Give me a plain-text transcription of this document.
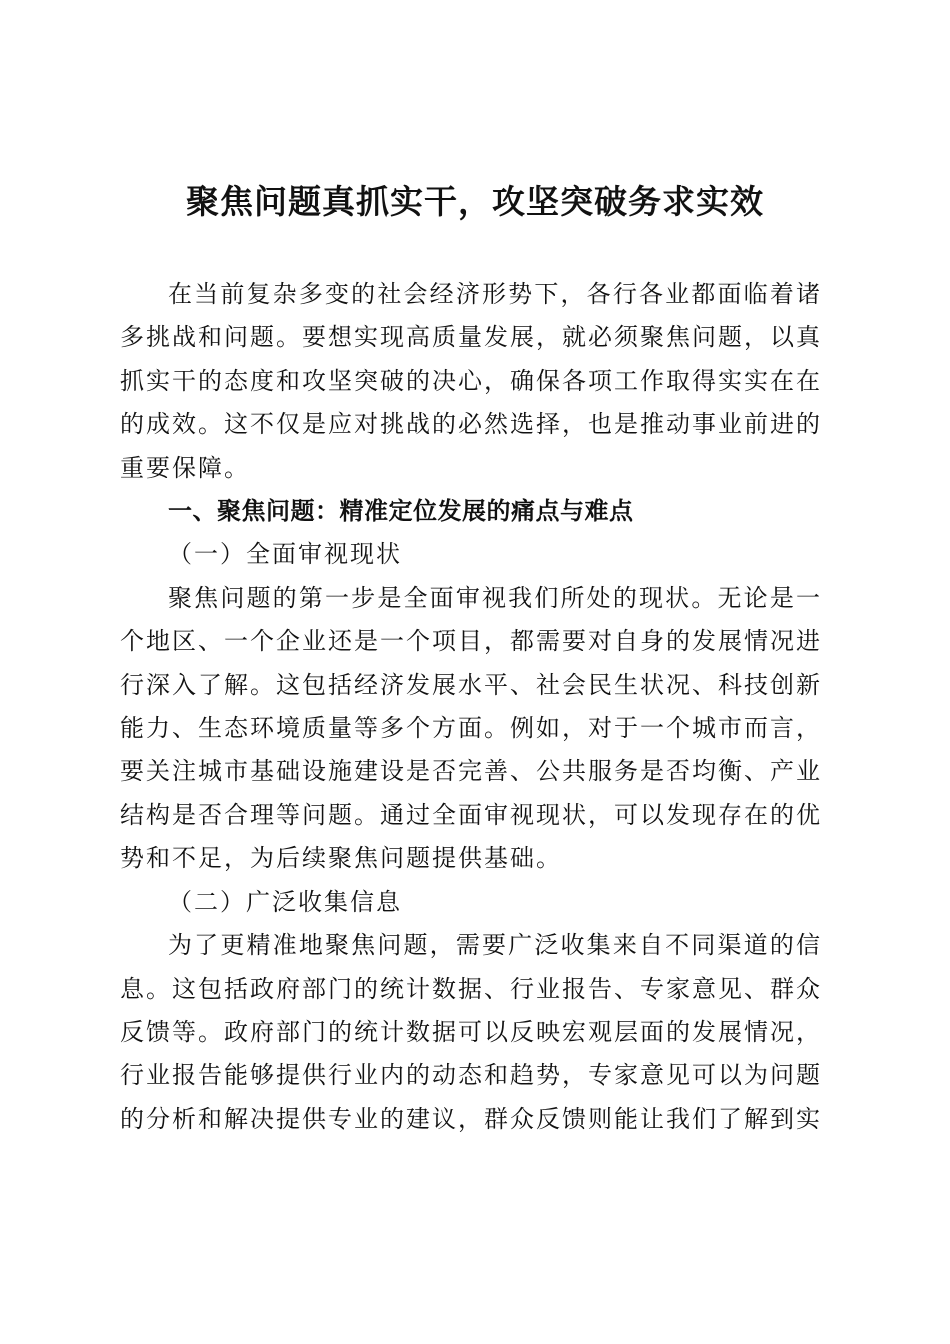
聚焦问题真抓实干，攻坚突破务求实效

在当前复杂多变的社会经济形势下，各行各业都面临着诸多挑战和问题。要想实现高质量发展，就必须聚焦问题，以真抓实干的态度和攻坚突破的决心，确保各项工作取得实实在在的成效。这不仅是应对挑战的必然选择，也是推动事业前进的重要保障。

一、聚焦问题：精准定位发展的痛点与难点

（一）全面审视现状

聚焦问题的第一步是全面审视我们所处的现状。无论是一个地区、一个企业还是一个项目，都需要对自身的发展情况进行深入了解。这包括经济发展水平、社会民生状况、科技创新能力、生态环境质量等多个方面。例如，对于一个城市而言，要关注城市基础设施建设是否完善、公共服务是否均衡、产业结构是否合理等问题。通过全面审视现状，可以发现存在的优势和不足，为后续聚焦问题提供基础。

（二）广泛收集信息

为了更精准地聚焦问题，需要广泛收集来自不同渠道的信息。这包括政府部门的统计数据、行业报告、专家意见、群众反馈等。政府部门的统计数据可以反映宏观层面的发展情况，行业报告能够提供行业内的动态和趋势，专家意见可以为问题的分析和解决提供专业的建议，群众反馈则能让我们了解到实
